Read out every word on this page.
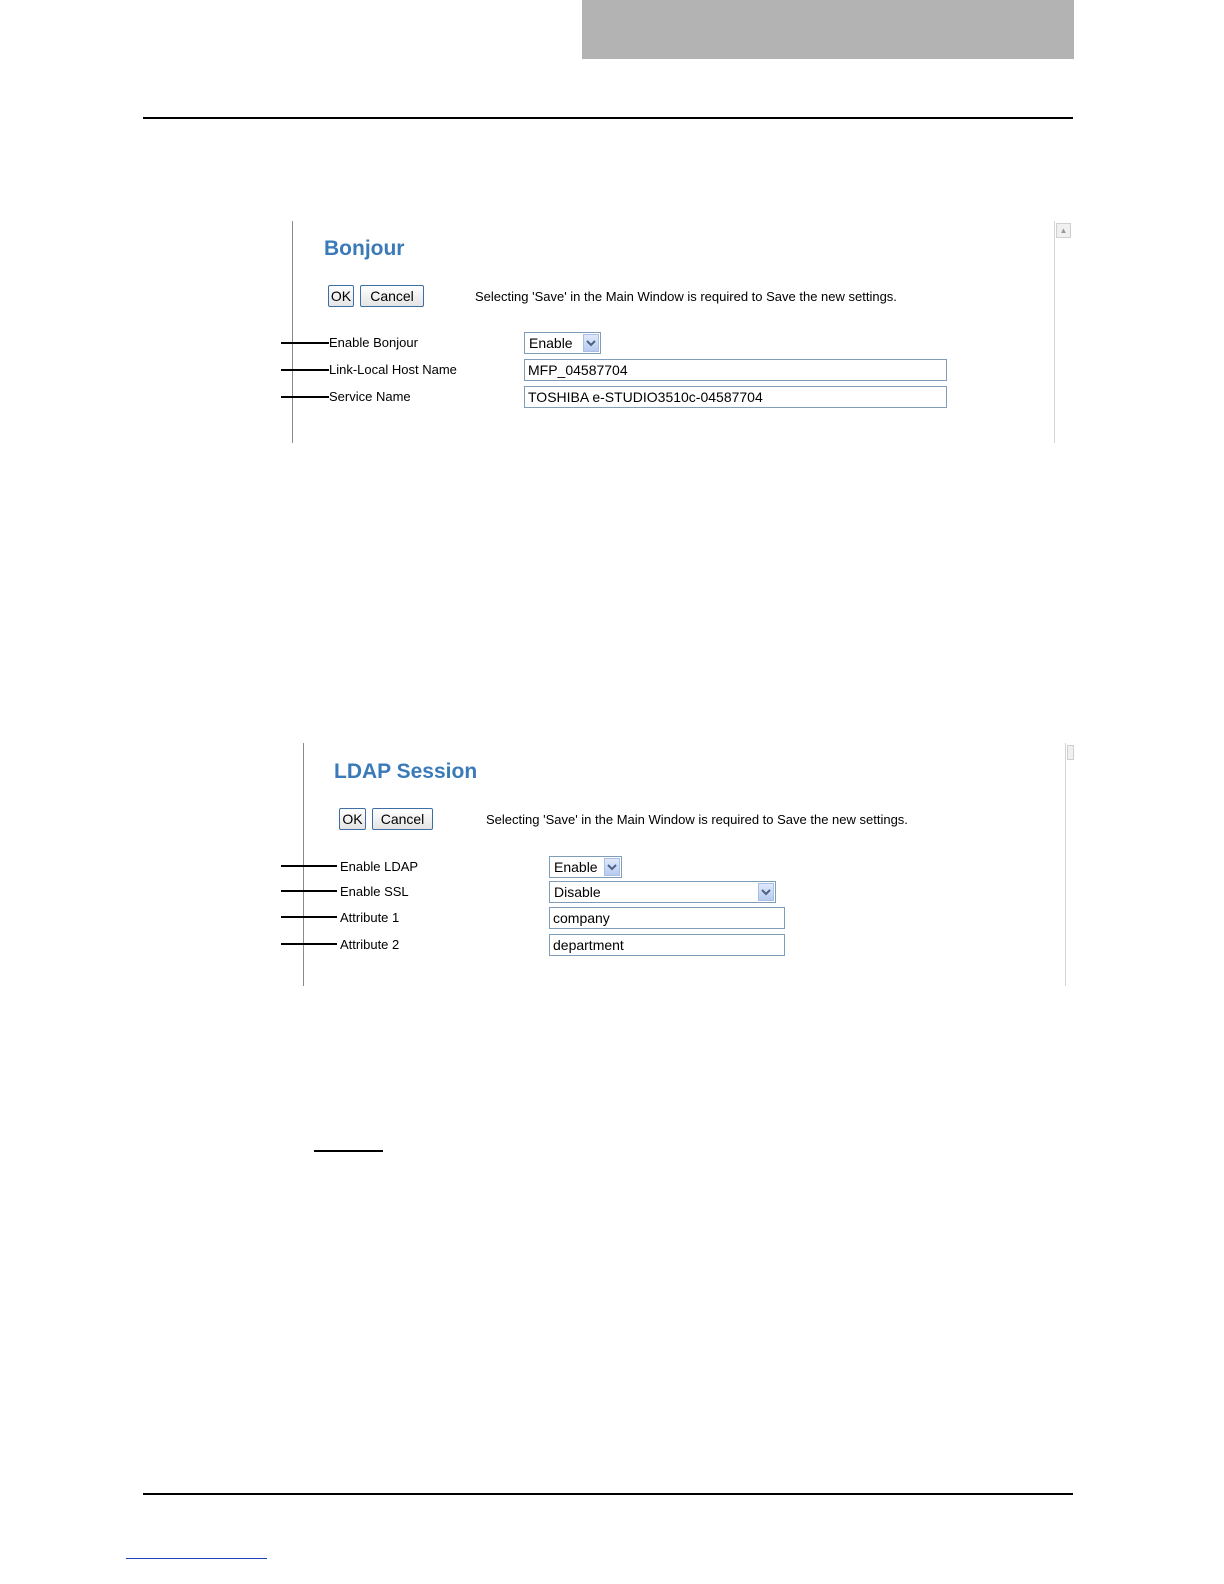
▲
Bonjour
OK	Cancel	Selecting 'Save' in the Main Window is required to Save the new settings.
Enable Bonjour	Enable
Link-Local Host Name	MFP_04587704
Service Name	TOSHIBA e-STUDIO3510c-04587704
LDAP Session
OK	Cancel	Selecting 'Save' in the Main Window is required to Save the new settings.
Enable LDAP	Enable
Enable SSL	Disable
Attribute 1	company
Attribute 2	department
